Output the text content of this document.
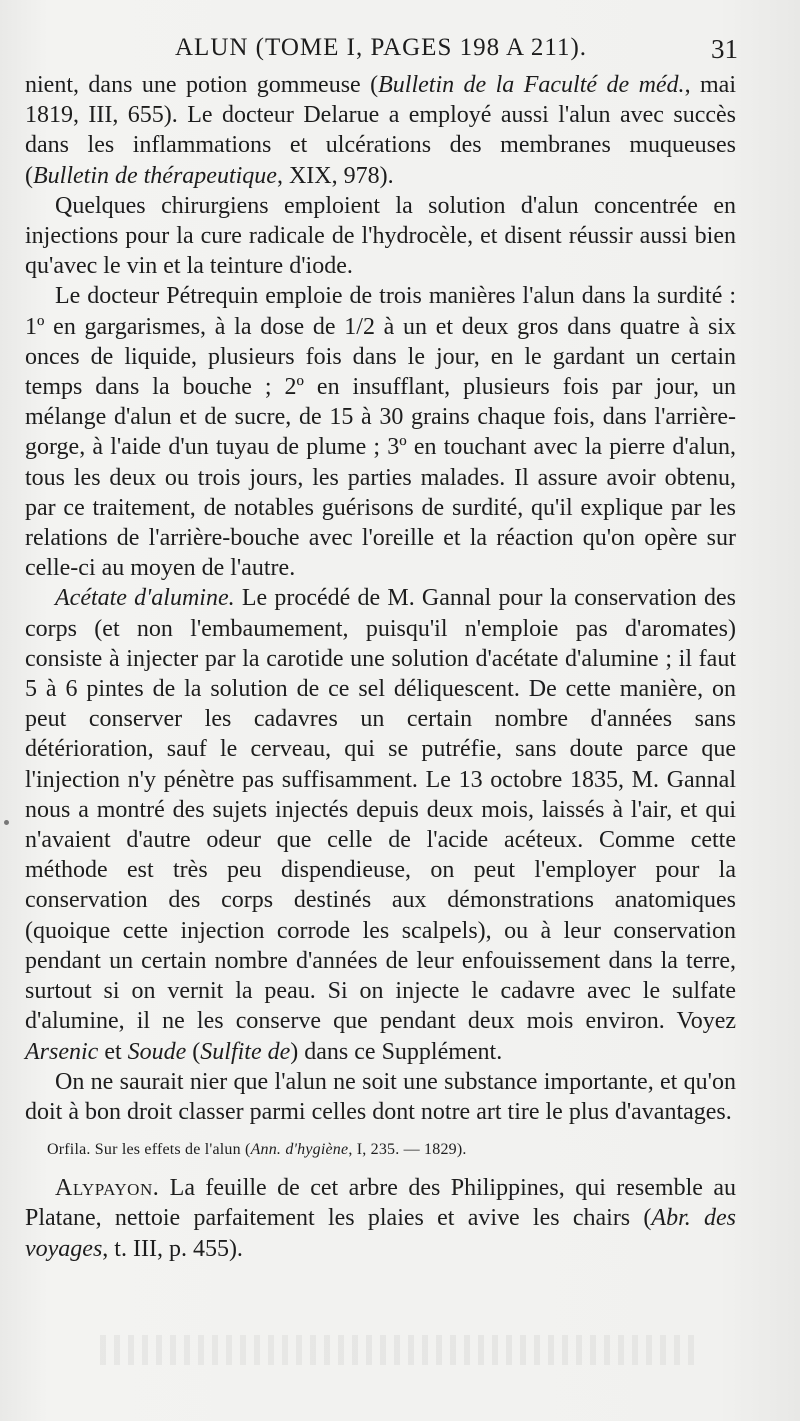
ALUN (TOME I, PAGES 198 A 211).	31

nient, dans une potion gommeuse (Bulletin de la Faculté de méd., mai 1819, III, 655). Le docteur Delarue a employé aussi l'alun avec succès dans les inflammations et ulcérations des membranes muqueuses (Bulletin de thérapeutique, XIX, 978).

Quelques chirurgiens emploient la solution d'alun concentrée en injections pour la cure radicale de l'hydrocèle, et disent réussir aussi bien qu'avec le vin et la teinture d'iode.

Le docteur Pétrequin emploie de trois manières l'alun dans la surdité : 1º en gargarismes, à la dose de 1/2 à un et deux gros dans quatre à six onces de liquide, plusieurs fois dans le jour, en le gardant un certain temps dans la bouche ; 2º en insufflant, plusieurs fois par jour, un mélange d'alun et de sucre, de 15 à 30 grains chaque fois, dans l'arrière-gorge, à l'aide d'un tuyau de plume ; 3º en touchant avec la pierre d'alun, tous les deux ou trois jours, les parties malades. Il assure avoir obtenu, par ce traitement, de notables guérisons de surdité, qu'il explique par les relations de l'arrière-bouche avec l'oreille et la réaction qu'on opère sur celle-ci au moyen de l'autre.

Acétate d'alumine. Le procédé de M. Gannal pour la conservation des corps (et non l'embaumement, puisqu'il n'emploie pas d'aromates) consiste à injecter par la carotide une solution d'acétate d'alumine ; il faut 5 à 6 pintes de la solution de ce sel déliquescent. De cette manière, on peut conserver les cadavres un certain nombre d'années sans détérioration, sauf le cerveau, qui se putréfie, sans doute parce que l'injection n'y pénètre pas suffisamment. Le 13 octobre 1835, M. Gannal nous a montré des sujets injectés depuis deux mois, laissés à l'air, et qui n'avaient d'autre odeur que celle de l'acide acéteux. Comme cette méthode est très peu dispendieuse, on peut l'employer pour la conservation des corps destinés aux démonstrations anatomiques (quoique cette injection corrode les scalpels), ou à leur conservation pendant un certain nombre d'années de leur enfouissement dans la terre, surtout si on vernit la peau. Si on injecte le cadavre avec le sulfate d'alumine, il ne les conserve que pendant deux mois environ. Voyez Arsenic et Soude (Sulfite de) dans ce Supplément.

On ne saurait nier que l'alun ne soit une substance importante, et qu'on doit à bon droit classer parmi celles dont notre art tire le plus d'avantages.

Orfila. Sur les effets de l'alun (Ann. d'hygiène, I, 235. — 1829).

Alypayon. La feuille de cet arbre des Philippines, qui resemble au Platane, nettoie parfaitement les plaies et avive les chairs (Abr. des voyages, t. III, p. 455).
